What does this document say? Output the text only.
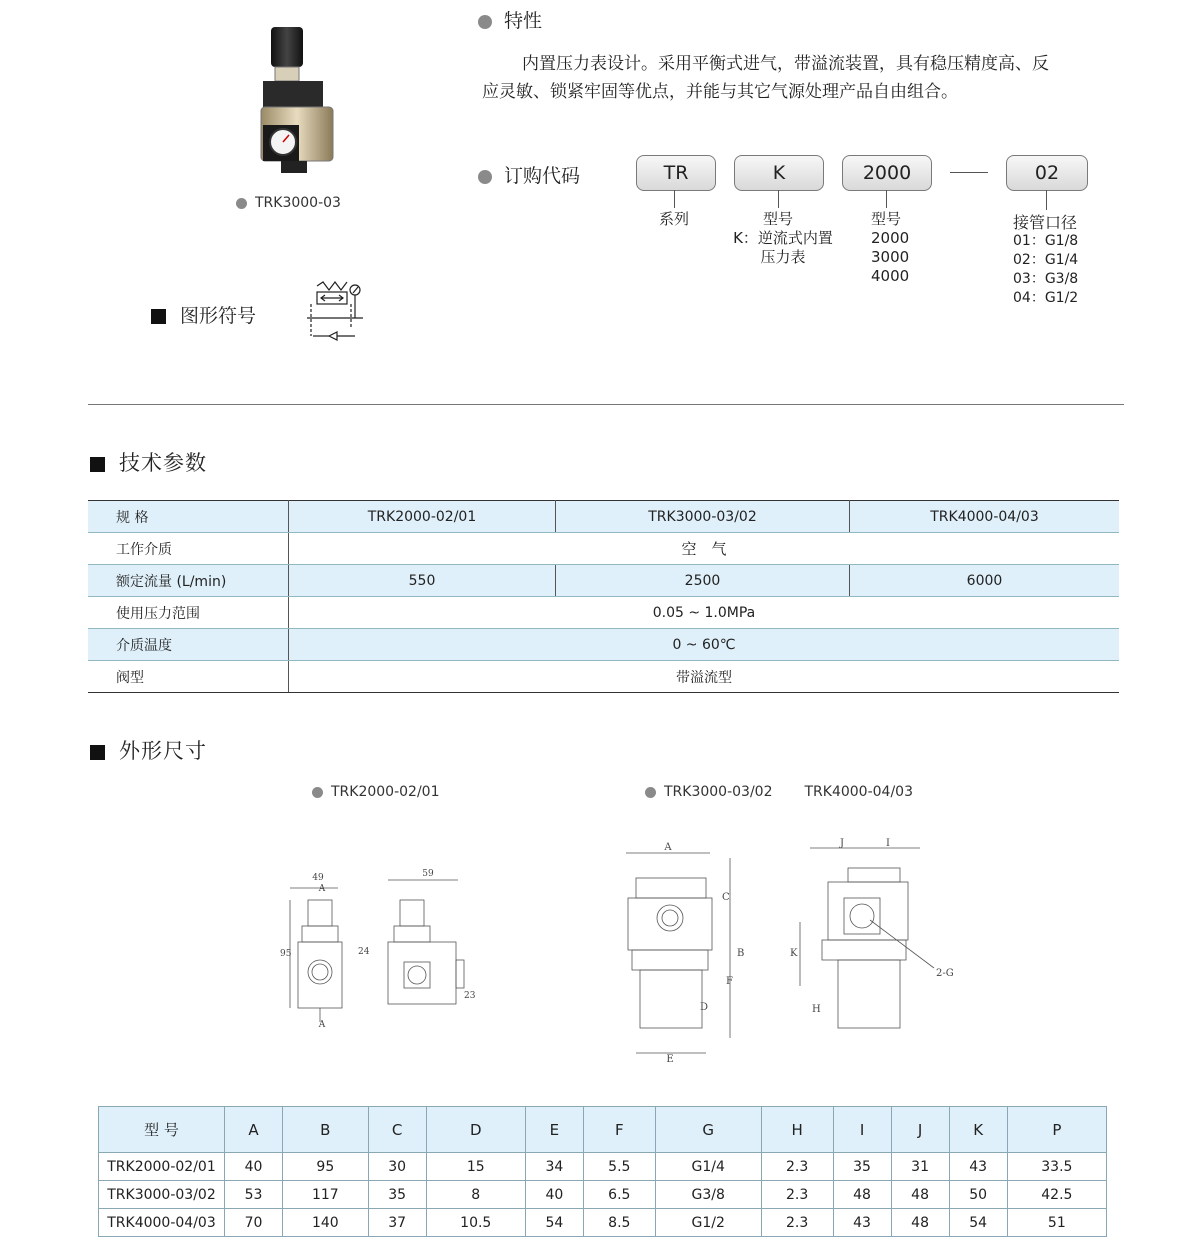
TRK3000-03
特性
内置压力表设计。采用平衡式进气，带溢流装置，具有稳压精度高、反
应灵敏、锁紧牢固等优点，并能与其它气源处理产品自由组合。
订购代码	TR	K	2000	02
系列	型号
K：逆流式内置
压力表
型号
2000
3000
4000
接管口径
01：G1/8
02：G1/4
03：G3/8
04：G1/2
图形符号
技术参数
规 格	TRK2000-02/01	TRK3000-03/02	TRK4000-04/03
工作介质	空　气		
额定流量 (L/min)	550	2500	6000
使用压力范围	0.05 ~ 1.0MPa		
介质温度	0 ~ 60℃		
阀型	带溢流型		
外形尺寸
TRK2000-02/01	TRK3000-03/02 TRK4000-04/03
49
A
95	24
A
59
23
A
B
C
D
E
F
J	I
K
H
2-G
型 号	A	B	C	D	E	F	G	H	I	J	K	P
TRK2000-02/01	40	95	30	15	34	5.5	G1/4	2.3	35	31	43	33.5
TRK3000-03/02	53	117	35	8	40	6.5	G3/8	2.3	48	48	50	42.5
TRK4000-04/03	70	140	37	10.5	54	8.5	G1/2	2.3	43	48	54	51
